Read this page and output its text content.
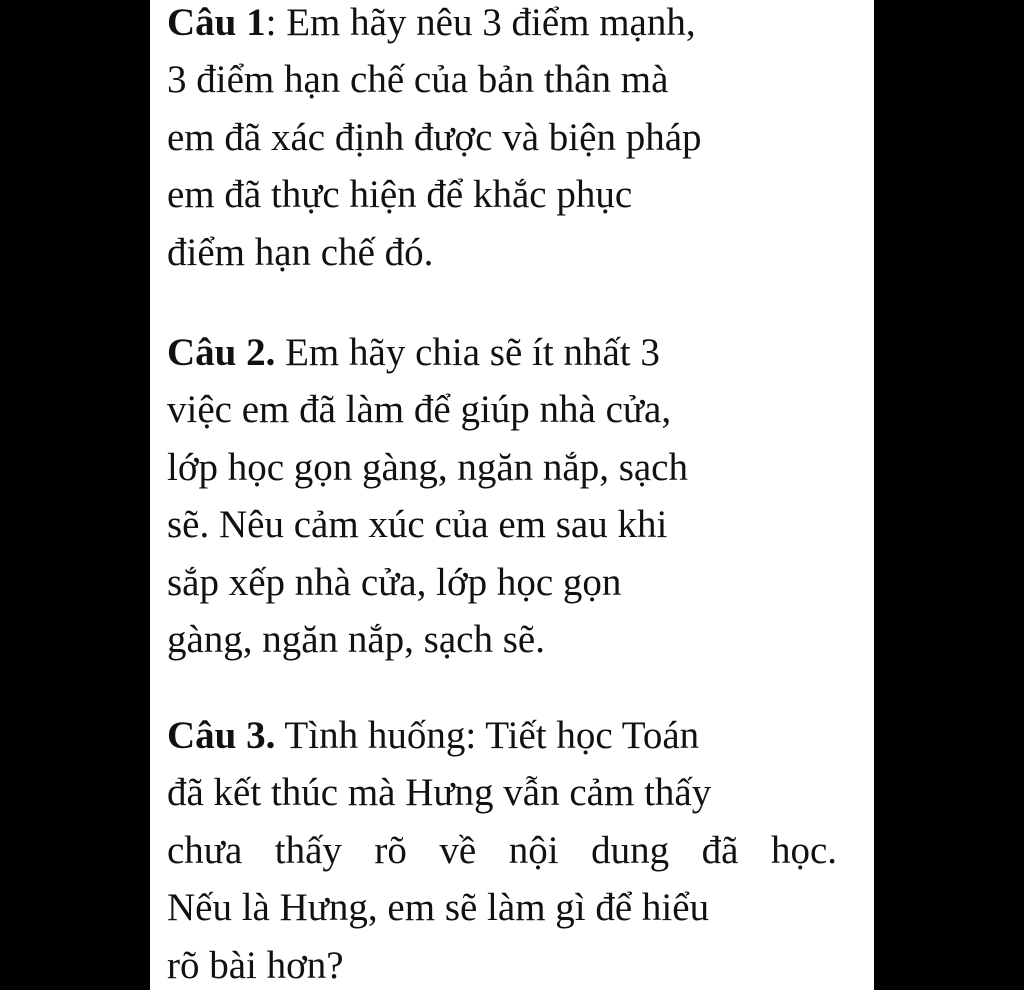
Câu 1: Em hãy nêu 3 điểm mạnh,
3 điểm hạn chế của bản thân mà
em đã xác định được và biện pháp
em đã thực hiện để khắc phục
điểm hạn chế đó.
Câu 2. Em hãy chia sẽ ít nhất 3
việc em đã làm để giúp nhà cửa,
lớp học gọn gàng, ngăn nắp, sạch
sẽ. Nêu cảm xúc của em sau khi
sắp xếp nhà cửa, lớp học gọn
gàng, ngăn nắp, sạch sẽ.
Câu 3. Tình huống: Tiết học Toán
đã kết thúc mà Hưng vẫn cảm thấy
chưa thấy rõ về nội dung đã học.
Nếu là Hưng, em sẽ làm gì để hiểu
rõ bài hơn?
